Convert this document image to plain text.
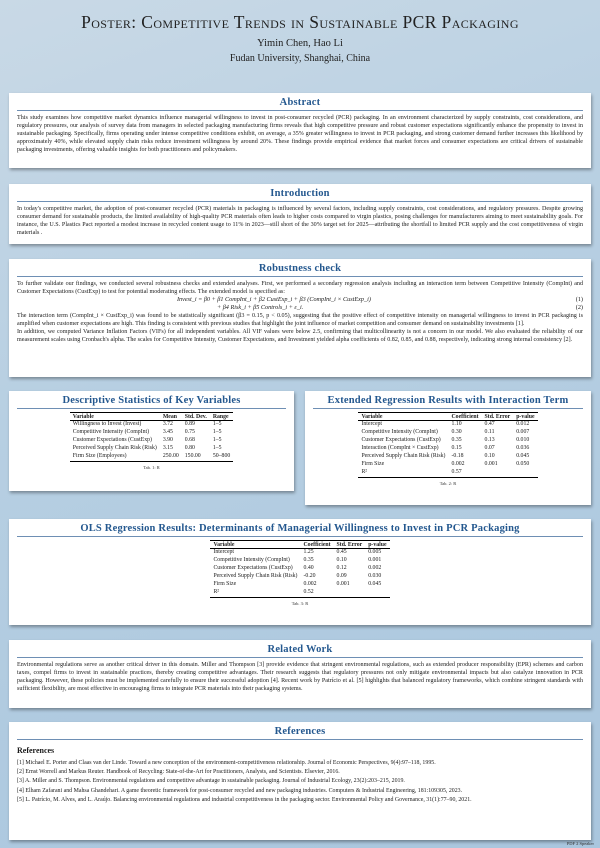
Poster: Competitive Trends in Sustainable PCR Packaging
Yimin Chen, Hao Li
Fudan University, Shanghai, China
Abstract

This study examines how competitive market dynamics influence managerial willingness to invest in post-consumer recycled (PCR) packaging. In an environment characterized by supply constraints, cost considerations, and regulatory pressures, our analysis of survey data from managers in selected packaging manufacturing firms reveals that high competitive pressure and robust customer expectations significantly enhance the propensity to invest in sustainable packaging. Specifically, firms operating under intense competitive conditions exhibit, on average, a 35% greater willingness to invest in PCR packaging, and strong customer demand further increases this likelihood by approximately 40%, while elevated supply chain risks reduce investment willingness by around 20%. These findings provide empirical evidence that market forces and consumer expectations are critical drivers of sustainable packaging investments, offering valuable insights for both practitioners and policymakers.

Introduction

In today's competitive market, the adoption of post-consumer recycled (PCR) materials in packaging is influenced by several factors, including supply constraints, cost considerations, and regulatory pressures. Despite growing consumer demand for sustainable products, the limited availability of high-quality PCR materials often leads to higher costs compared to virgin plastics, posing challenges for manufacturers aiming to meet sustainability goals. For instance, the U.S. Plastics Pact reported a modest increase in recycled content usage to 11% in 2023—still short of the 30% target set for 2025—attributing the shortfall to limited PCR supply and the cost competitiveness of virgin materials .

Robustness check

To further validate our findings, we conducted several robustness checks and extended analyses. First, we performed a secondary regression analysis including an interaction term between Competitive Intensity (CompInt) and Customer Expectations (CustExp) to test for potential moderating effects. The extended model is specified as:

Invest_i = β0 + β1 CompInt_i + β2 CustExp_i + β3 (CompInt_i × CustExp_i)	(1)
+ β4 Risk_i + β5 Controls_i + ε_i.	(2)

The interaction term (CompInt_i × CustExp_i) was found to be statistically significant (β3 = 0.15, p < 0.05), suggesting that the positive effect of competitive intensity on managerial willingness to invest in PCR packaging is amplified when customer expectations are high. This finding is consistent with previous studies that highlight the joint influence of market competition and consumer demand on sustainability investments [1].

In addition, we computed Variance Inflation Factors (VIFs) for all independent variables. All VIF values were below 2.5, confirming that multicollinearity is not a concern in our model. We also evaluated the reliability of our measurement scales using Cronbach's alpha. The scales for Competitive Intensity, Customer Expectations, and Investment yielded alpha coefficients of 0.82, 0.85, and 0.88, respectively, indicating strong internal consistency [2].

Descriptive Statistics of Key Variables
Variable	Mean	Std. Dev.	Range
Willingness to Invest (Invest)	3.72	0.89	1–5
Competitive Intensity (CompInt)	3.45	0.75	1–5
Customer Expectations (CustExp)	3.90	0.68	1–5
Perceived Supply Chain Risk (Risk)	3.15	0.80	1–5
Firm Size (Employees)	250.00	150.00	50–800
Tab. 1: R
Extended Regression Results with Interaction Term
Variable	Coefficient	Std. Error	p-value
Intercept	1.10	0.47	0.012
Competitive Intensity (CompInt)	0.30	0.11	0.007
Customer Expectations (CustExp)	0.35	0.13	0.010
Interaction (CompInt × CustExp)	0.15	0.07	0.036
Perceived Supply Chain Risk (Risk)	-0.18	0.10	0.045
Firm Size	0.002	0.001	0.050
R²	0.57		
Tab. 2: R
OLS Regression Results: Determinants of Managerial Willingness to Invest in PCR Packaging
Variable	Coefficient	Std. Error	p-value
Intercept	1.25	0.45	0.005
Competitive Intensity (CompInt)	0.35	0.10	0.001
Customer Expectations (CustExp)	0.40	0.12	0.002
Perceived Supply Chain Risk (Risk)	-0.20	0.09	0.030
Firm Size	0.002	0.001	0.045
R²	0.52		
Tab. 3: R
Related Work

Environmental regulations serve as another critical driver in this domain. Miller and Thompson [3] provide evidence that stringent environmental regulations, such as extended producer responsibility (EPR) schemes and carbon taxes, compel firms to invest in sustainable practices, thereby creating competitive advantages. Their research suggests that regulatory pressures not only mitigate environmental impacts but also catalyze innovation in PCR packaging. However, these policies must be implemented carefully to ensure their successful adoption [4]. Recent work by Patrício et al. [5] highlights that balanced regulatory frameworks, which combine stringent standards with sufficient flexibility, are most effective in encouraging firms to integrate PCR materials into their packaging systems.

References
References

[1] Michael E. Porter and Claas van der Linde. Toward a new conception of the environment-competitiveness relationship. Journal of Economic Perspectives, 9(4):97–118, 1995.

[2] Ernst Worrell and Markus Reuter. Handbook of Recycling: State-of-the-Art for Practitioners, Analysts, and Scientists. Elsevier, 2016.

[3] A. Miller and S. Thompson. Environmental regulations and competitive advantage in sustainable packaging. Journal of Industrial Ecology, 23(2):203–215, 2019.

[4] Elham Zafarani and Mahsa Ghandehari. A game theoretic framework for post-consumer recycled and new packaging industries. Computers & Industrial Engineering, 181:109305, 2023.

[5] L. Patrício, M. Alves, and L. Araújo. Balancing environmental regulations and industrial competitiveness in the packaging sector. Environmental Policy and Governance, 31(1):77–90, 2021.

PDF 2 Speaker
